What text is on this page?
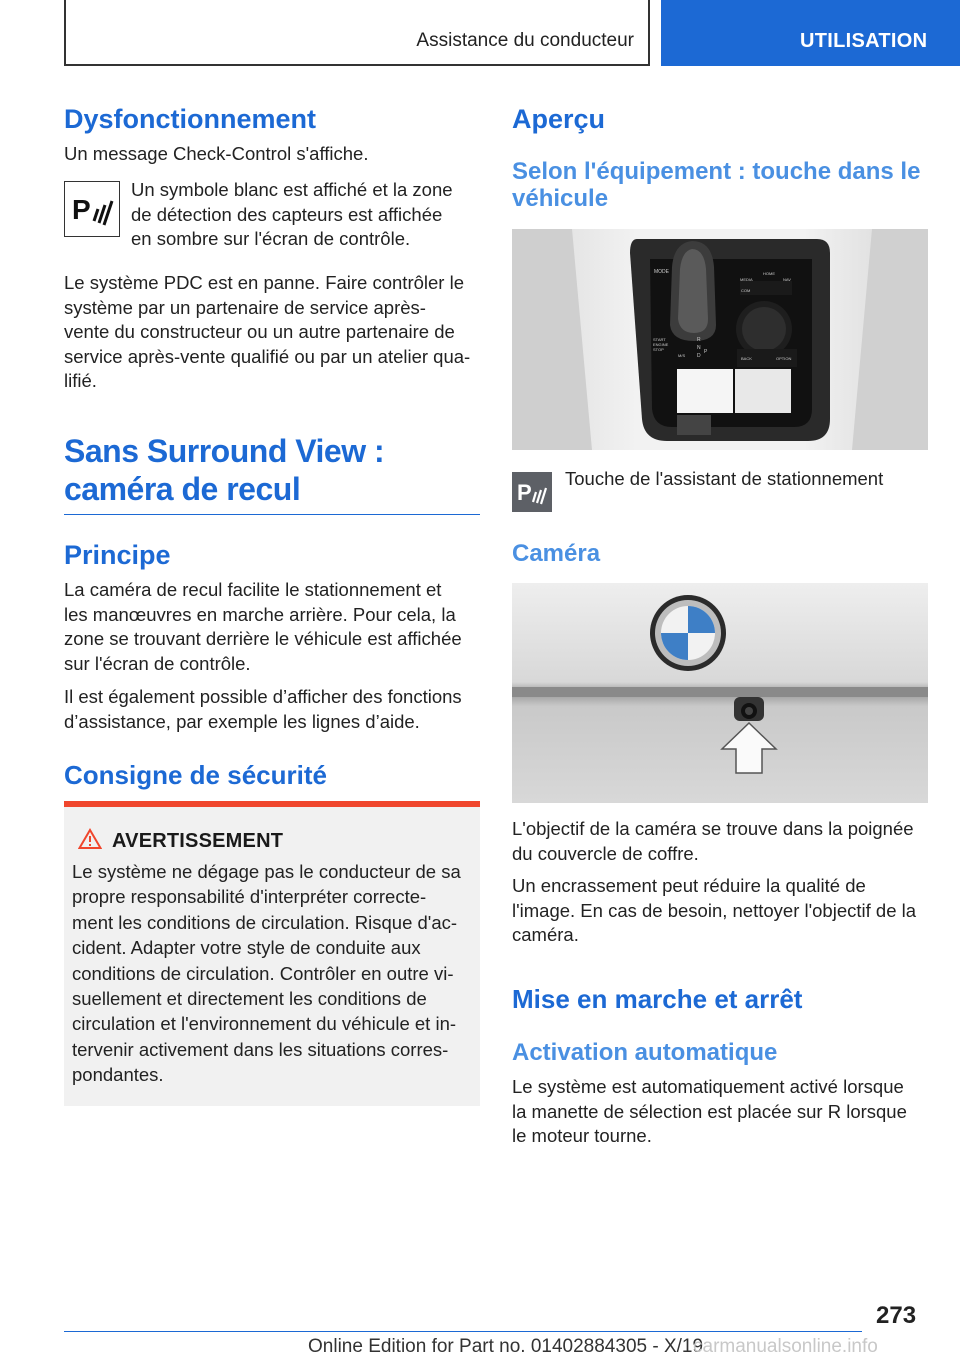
Assistance du conducteur	UTILISATION
Dysfonctionnement
Un message Check-Control s'affiche.
P
Un symbole blanc est affiché et la zone
de détection des capteurs est affichée
en sombre sur l'écran de contrôle.
Le système PDC est en panne. Faire contrôler le
système par un partenaire de service après-
vente du constructeur ou un autre partenaire de
service après-vente qualifié ou par un atelier qua-
lifié.
Sans Surround View :
caméra de recul
Principe
La caméra de recul facilite le stationnement et
les manœuvres en marche arrière. Pour cela, la
zone se trouvant derrière le véhicule est affichée
sur l'écran de contrôle.
Il est également possible d’afficher des fonctions
d’assistance, par exemple les lignes d’aide.
Consigne de sécurité
AVERTISSEMENT
Le système ne dégage pas le conducteur de sa
propre responsabilité d'interpréter correcte-
ment les conditions de circulation. Risque d'ac-
cident. Adapter votre style de conduite aux
conditions de circulation. Contrôler en outre vi-
suellement et directement les conditions de
circulation et l'environnement du véhicule et in-
tervenir activement dans les situations corres-
pondantes.
Aperçu
Selon l'équipement : touche dans le
véhicule
MODE
START
ENGINE
STOP
R
N
D
P
M/S
MEDIA
HOME
NAV
COM
BACK	OPTION
P
Touche de l'assistant de stationnement
Caméra
L'objectif de la caméra se trouve dans la poignée
du couvercle de coffre.
Un encrassement peut réduire la qualité de
l'image. En cas de besoin, nettoyer l'objectif de la
caméra.
Mise en marche et arrêt
Activation automatique
Le système est automatiquement activé lorsque
la manette de sélection est placée sur R lorsque
le moteur tourne.
273
Online Edition for Part no. 01402884305 - X/19
carmanualsonline.info
